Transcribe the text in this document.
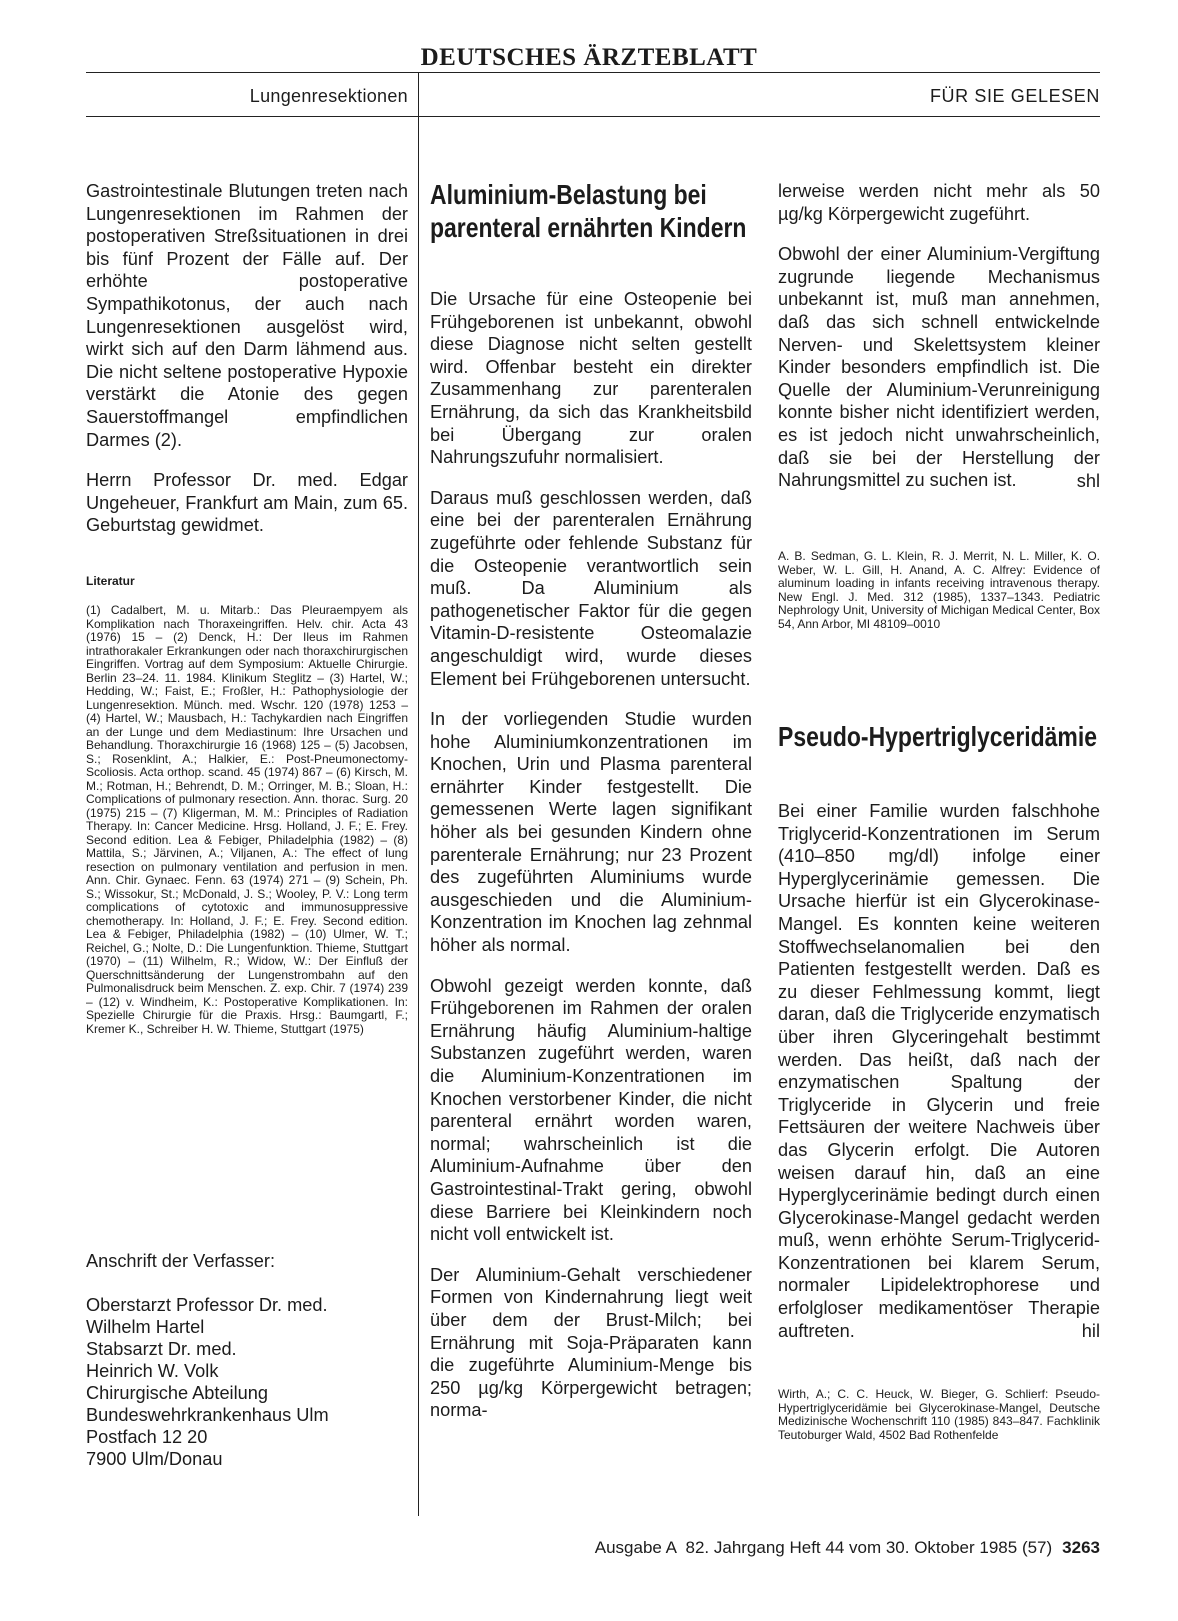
DEUTSCHES ÄRZTEBLATT
Lungenresektionen	FÜR SIE GELESEN

Gastrointestinale Blutungen treten nach Lungenresektionen im Rahmen der postoperativen Streßsituationen in drei bis fünf Prozent der Fälle auf. Der erhöhte postoperative Sympathikotonus, der auch nach Lungenresektionen ausgelöst wird, wirkt sich auf den Darm lähmend aus. Die nicht seltene postoperative Hypoxie verstärkt die Atonie des gegen Sauerstoffmangel empfindlichen Darmes (2).

Herrn Professor Dr. med. Edgar Ungeheuer, Frankfurt am Main, zum 65. Geburtstag gewidmet.

Literatur

(1) Cadalbert, M. u. Mitarb.: Das Pleuraempyem als Komplikation nach Thoraxeingriffen. Helv. chir. Acta 43 (1976) 15 – (2) Denck, H.: Der Ileus im Rahmen intrathorakaler Erkrankungen oder nach thoraxchirurgischen Eingriffen. Vortrag auf dem Symposium: Aktuelle Chirurgie. Berlin 23–24. 11. 1984. Klinikum Steglitz – (3) Hartel, W.; Hedding, W.; Faist, E.; Froßler, H.: Pathophysiologie der Lungenresektion. Münch. med. Wschr. 120 (1978) 1253 – (4) Hartel, W.; Mausbach, H.: Tachykardien nach Eingriffen an der Lunge und dem Mediastinum: Ihre Ursachen und Behandlung. Thoraxchirurgie 16 (1968) 125 – (5) Jacobsen, S.; Rosenklint, A.; Halkier, E.: Post-Pneumonectomy-Scoliosis. Acta orthop. scand. 45 (1974) 867 – (6) Kirsch, M. M.; Rotman, H.; Behrendt, D. M.; Orringer, M. B.; Sloan, H.: Complications of pulmonary resection. Ann. thorac. Surg. 20 (1975) 215 – (7) Kligerman, M. M.: Principles of Radiation Therapy. In: Cancer Medicine. Hrsg. Holland, J. F.; E. Frey. Second edition. Lea & Febiger, Philadelphia (1982) – (8) Mattila, S.; Järvinen, A.; Viljanen, A.: The effect of lung resection on pulmonary ventilation and perfusion in men. Ann. Chir. Gynaec. Fenn. 63 (1974) 271 – (9) Schein, Ph. S.; Wissokur, St.; McDonald, J. S.; Wooley, P. V.: Long term complications of cytotoxic and immunosuppressive chemotherapy. In: Holland, J. F.; E. Frey. Second edition. Lea & Febiger, Philadelphia (1982) – (10) Ulmer, W. T.; Reichel, G.; Nolte, D.: Die Lungenfunktion. Thieme, Stuttgart (1970) – (11) Wilhelm, R.; Widow, W.: Der Einfluß der Querschnittsänderung der Lungenstrombahn auf den Pulmonalisdruck beim Menschen. Z. exp. Chir. 7 (1974) 239 – (12) v. Windheim, K.: Postoperative Komplikationen. In: Spezielle Chirurgie für die Praxis. Hrsg.: Baumgartl, F.; Kremer K., Schreiber H. W. Thieme, Stuttgart (1975)

Anschrift der Verfasser:

Oberstarzt Professor Dr. med.

Wilhelm Hartel

Stabsarzt Dr. med.

Heinrich W. Volk

Chirurgische Abteilung

Bundeswehrkrankenhaus Ulm

Postfach 12 20

7900 Ulm/Donau

Aluminium-Belastung bei parenteral ernährten Kindern

Die Ursache für eine Osteopenie bei Frühgeborenen ist unbekannt, obwohl diese Diagnose nicht selten gestellt wird. Offenbar besteht ein direkter Zusammenhang zur parenteralen Ernährung, da sich das Krankheitsbild bei Übergang zur oralen Nahrungszufuhr normalisiert.

Daraus muß geschlossen werden, daß eine bei der parenteralen Ernährung zugeführte oder fehlende Substanz für die Osteopenie verantwortlich sein muß. Da Aluminium als pathogenetischer Faktor für die gegen Vitamin-D-resistente Osteomalazie angeschuldigt wird, wurde dieses Element bei Frühgeborenen untersucht.

In der vorliegenden Studie wurden hohe Aluminiumkonzentrationen im Knochen, Urin und Plasma parenteral ernährter Kinder festgestellt. Die gemessenen Werte lagen signifikant höher als bei gesunden Kindern ohne parenterale Ernährung; nur 23 Prozent des zugeführten Aluminiums wurde ausgeschieden und die Aluminium-Konzentration im Knochen lag zehnmal höher als normal.

Obwohl gezeigt werden konnte, daß Frühgeborenen im Rahmen der oralen Ernährung häufig Aluminium-haltige Substanzen zugeführt werden, waren die Aluminium-Konzentrationen im Knochen verstorbener Kinder, die nicht parenteral ernährt worden waren, normal; wahrscheinlich ist die Aluminium-Aufnahme über den Gastrointestinal-Trakt gering, obwohl diese Barriere bei Kleinkindern noch nicht voll entwickelt ist.

Der Aluminium-Gehalt verschiedener Formen von Kindernahrung liegt weit über dem der Brust-Milch; bei Ernährung mit Soja-Präparaten kann die zugeführte Aluminium-Menge bis 250 µg/kg Körpergewicht betragen; norma-

lerweise werden nicht mehr als 50 µg/kg Körpergewicht zugeführt.

Obwohl der einer Aluminium-Vergiftung zugrunde liegende Mechanismus unbekannt ist, muß man annehmen, daß das sich schnell entwickelnde Nerven- und Skelettsystem kleiner Kinder besonders empfindlich ist. Die Quelle der Aluminium-Verunreinigung konnte bisher nicht identifiziert werden, es ist jedoch nicht unwahrscheinlich, daß sie bei der Herstellung der Nahrungsmittel zu suchen ist.	shl

A. B. Sedman, G. L. Klein, R. J. Merrit, N. L. Miller, K. O. Weber, W. L. Gill, H. Anand, A. C. Alfrey: Evidence of aluminum loading in infants receiving intravenous therapy. New Engl. J. Med. 312 (1985), 1337–1343. Pediatric Nephrology Unit, University of Michigan Medical Center, Box 54, Ann Arbor, MI 48109–0010

Pseudo-Hypertriglyceridämie

Bei einer Familie wurden falschhohe Triglycerid-Konzentrationen im Serum (410–850 mg/dl) infolge einer Hyperglycerinämie gemessen. Die Ursache hierfür ist ein Glycerokinase-Mangel. Es konnten keine weiteren Stoffwechselanomalien bei den Patienten festgestellt werden. Daß es zu dieser Fehlmessung kommt, liegt daran, daß die Triglyceride enzymatisch über ihren Glyceringehalt bestimmt werden. Das heißt, daß nach der enzymatischen Spaltung der Triglyceride in Glycerin und freie Fettsäuren der weitere Nachweis über das Glycerin erfolgt. Die Autoren weisen darauf hin, daß an eine Hyperglycerinämie bedingt durch einen Glycerokinase-Mangel gedacht werden muß, wenn erhöhte Serum-Triglycerid-Konzentrationen bei klarem Serum, normaler Lipidelektrophorese und erfolgloser medikamentöser Therapie auftreten.	hil

Wirth, A.; C. C. Heuck, W. Bieger, G. Schlierf: Pseudo-Hypertriglyceridämie bei Glycerokinase-Mangel, Deutsche Medizinische Wochenschrift 110 (1985) 843–847. Fachklinik Teutoburger Wald, 4502 Bad Rothenfelde

Ausgabe A  82. Jahrgang Heft 44 vom 30. Oktober 1985 (57) 3263
